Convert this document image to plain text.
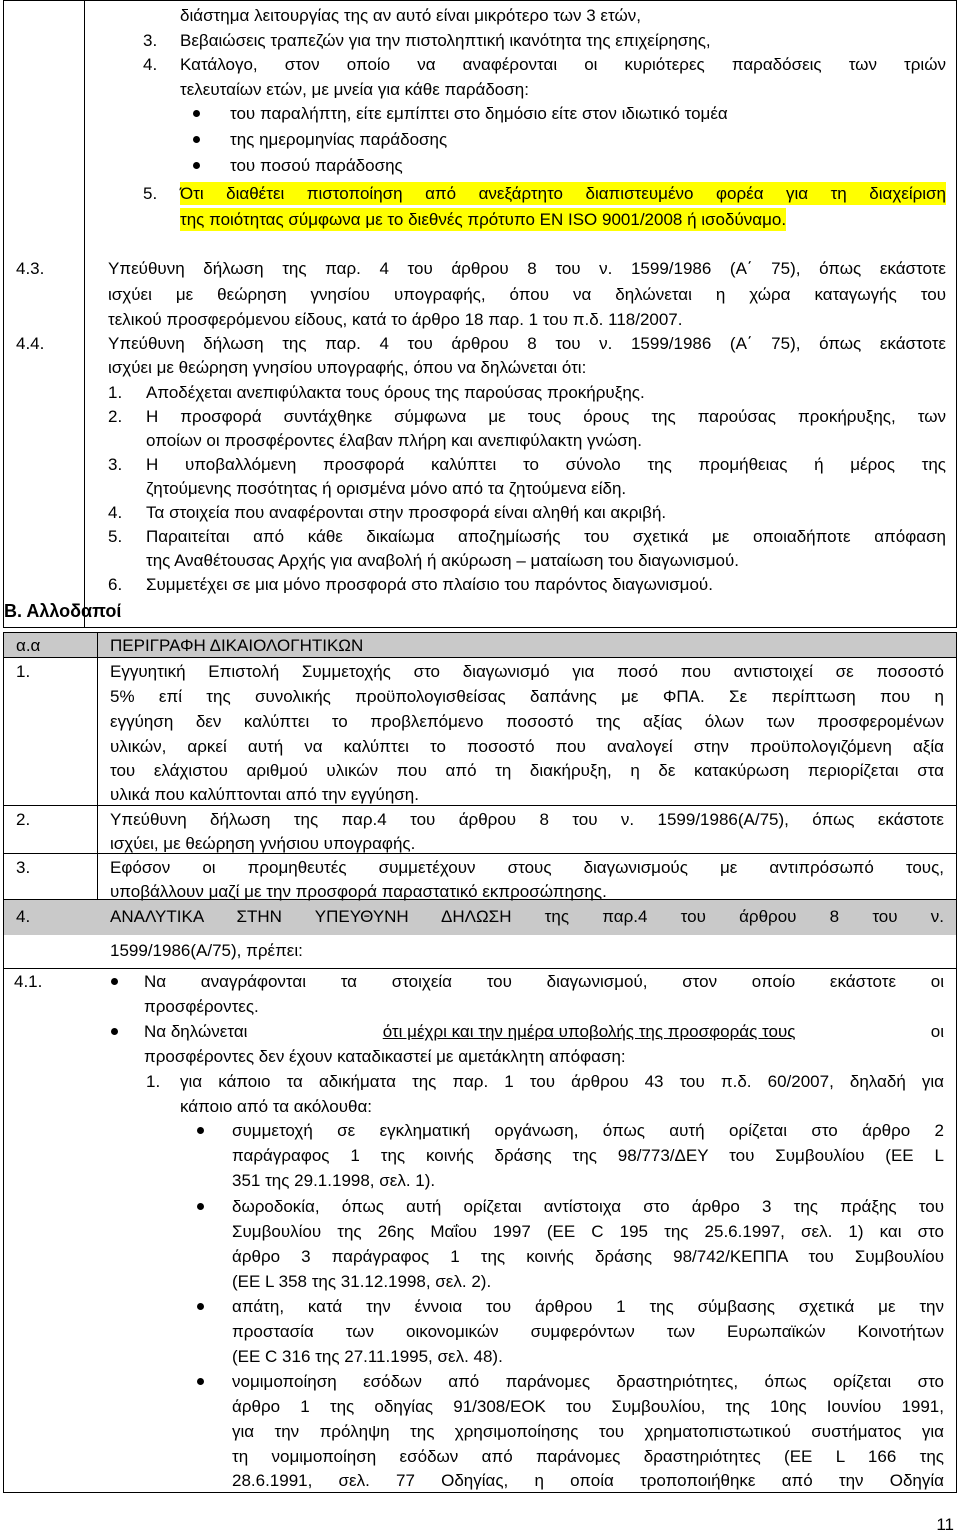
διάστημα λειτουργίας της αν αυτό είναι μικρότερο των 3 ετών,
3. Βεβαιώσεις τραπεζών για την πιστοληπτική ικανότητα της επιχείρησης,
4. Κατάλογο, στον οποίο να αναφέρονται οι κυριότερες παραδόσεις των τριών
τελευταίων ετών, με μνεία για κάθε παράδοση:
του παραλήπτη, είτε εμπίπτει στο δημόσιο είτε στον ιδιωτικό τομέα
της ημερομηνίας παράδοσης
του ποσού παράδοσης
5. Ότι διαθέτει πιστοποίηση από ανεξάρτητο διαπιστευμένο φορέα για τη διαχείριση
της ποιότητας σύμφωνα με το διεθνές πρότυπο EN ISO 9001/2008 ή ισοδύναμο.
4.3.	Υπεύθυνη δήλωση της παρ. 4 του άρθρου 8 του ν. 1599/1986 (Α΄ 75), όπως εκάστοτε
ισχύει με θεώρηση γνησίου υπογραφής, όπου να δηλώνεται η χώρα καταγωγής του
τελικού προσφερόμενου είδους, κατά το άρθρο 18 παρ. 1 του π.δ. 118/2007.
4.4.	Υπεύθυνη δήλωση της παρ. 4 του άρθρου 8 του ν. 1599/1986 (Α΄ 75), όπως εκάστοτε
ισχύει με θεώρηση γνησίου υπογραφής, όπου να δηλώνεται ότι:
1. Αποδέχεται ανεπιφύλακτα τους όρους της παρούσας προκήρυξης.
2. Η προσφορά συντάχθηκε σύμφωνα με τους όρους της παρούσας προκήρυξης, των
οποίων οι προσφέροντες έλαβαν πλήρη και ανεπιφύλακτη γνώση.
3. Η υποβαλλόμενη προσφορά καλύπτει το σύνολο της προμήθειας ή μέρος της
ζητούμενης ποσότητας ή ορισμένα μόνο από τα ζητούμενα είδη.
4. Τα στοιχεία που αναφέρονται στην προσφορά είναι αληθή και ακριβή.
5. Παραιτείται από κάθε δικαίωμα αποζημίωσής του σχετικά με οποιαδήποτε απόφαση
της Αναθέτουσας Αρχής για αναβολή ή ακύρωση – ματαίωση του διαγωνισμού.
6. Συμμετέχει σε μια μόνο προσφορά στο πλαίσιο του παρόντος διαγωνισμού.
Β. Αλλοδαποί
α.α	ΠΕΡΙΓΡΑΦΗ ΔΙΚΑΙΟΛΟΓΗΤΙΚΩΝ
1.	Εγγυητική Επιστολή Συμμετοχής στο διαγωνισμό για ποσό που αντιστοιχεί σε ποσοστό
5% επί της συνολικής προϋπολογισθείσας δαπάνης με ΦΠΑ. Σε περίπτωση που η
εγγύηση δεν καλύπτει το προβλεπόμενο ποσοστό της αξίας όλων των προσφερομένων
υλικών, αρκεί αυτή να καλύπτει το ποσοστό που αναλογεί στην προϋπολογιζόμενη αξία
του ελάχιστου αριθμού υλικών που από τη διακήρυξη, η δε κατακύρωση περιορίζεται στα
υλικά που καλύπτονται από την εγγύηση.
2.	Υπεύθυνη δήλωση της παρ.4 του άρθρου 8 του ν. 1599/1986(Α/75), όπως εκάστοτε
ισχύει, με θεώρηση γνήσιου υπογραφής.
3.	Εφόσον οι προμηθευτές συμμετέχουν στους διαγωνισμούς με αντιπρόσωπό τους,
υποβάλλουν μαζί με την προσφορά παραστατικό εκπροσώπησης.
4.	ΑΝΑΛΥΤΙΚΑ ΣΤΗΝ ΥΠΕΥΘΥΝΗ ΔΗΛΩΣΗ της παρ.4 του άρθρου 8 του ν.
1599/1986(Α/75), πρέπει:
4.1.	Να αναγράφονται τα στοιχεία του διαγωνισμού, στον οποίο εκάστοτε οι
προσφέροντες.
Να δηλώνεται	ότι μέχρι και την ημέρα υποβολής της προσφοράς τους	οι
προσφέροντες δεν έχουν καταδικαστεί με αμετάκλητη απόφαση:
1. για κάποιο τα αδικήματα της παρ. 1 του άρθρου 43 του π.δ. 60/2007, δηλαδή για
κάποιο από τα ακόλουθα:
συμμετοχή σε εγκληματική οργάνωση, όπως αυτή ορίζεται στο άρθρο 2
παράγραφος 1 της κοινής δράσης της 98/773/ΔΕΥ του Συμβουλίου (ΕΕ L
351 της 29.1.1998, σελ. 1).
δωροδοκία, όπως αυτή ορίζεται αντίστοιχα στο άρθρο 3 της πράξης του
Συμβουλίου της 26ης Μαΐου 1997 (ΕΕ C 195 της 25.6.1997, σελ. 1) και στο
άρθρο 3 παράγραφος 1 της κοινής δράσης 98/742/ΚΕΠΠΑ του Συμβουλίου
(ΕΕ L 358 της 31.12.1998, σελ. 2).
απάτη, κατά την έννοια του άρθρου 1 της σύμβασης σχετικά με την
προστασία των οικονομικών συμφερόντων των Ευρωπαϊκών Κοινοτήτων
(ΕΕ C 316 της 27.11.1995, σελ. 48).
νομιμοποίηση εσόδων από παράνομες δραστηριότητες, όπως ορίζεται στο
άρθρο 1 της οδηγίας 91/308/ΕΟΚ του Συμβουλίου, της 10ης Ιουνίου 1991,
για την πρόληψη της χρησιμοποίησης του χρηματοπιστωτικού συστήματος για
τη νομιμοποίηση εσόδων από παράνομες δραστηριότητες (ΕΕ L 166 της
28.6.1991, σελ. 77 Οδηγίας, η οποία τροποποιήθηκε από την Οδηγία
11
